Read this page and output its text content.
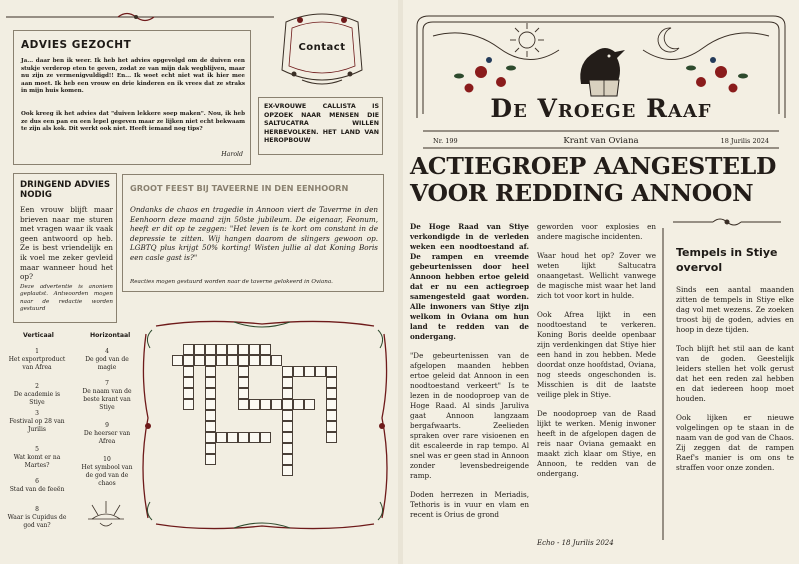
ADVIES GEZOCHT
Ja... daar ben ik weer. Ik heb het advies opgevolgd om de duiven een stukje verderop eten te geven, zodat ze van mijn dak wegblijven, maar nu zijn ze vermenigvuldigd!! En... Ik woet echt niet wat ik hier mee aan moet. Ik heb een vrouw en drie kinderen en ik vrees dat ze straks in mijn huis komen.
Ook kreeg ik het advies dat "duiven lekkere soep maken". Nou, ik heb ze dus een pan en een lepel gegeven maar ze lijken niet echt bekwaam te zijn als kok. Dit werkt ook niet. Heeft iemand nog tips?
Harold
Contact
EX-VROUWE CALLISTA IS OPZOEK NAAR MENSEN DIE SALTUCATRA WILLEN HERBEVOLKEN. HET LAND VAN HEROPBOUW
DRINGEND ADVIES NODIG
Een vrouw blijft maar brieven naar me sturen met vragen waar ik vaak geen antwoord op heb. Ze is best vriendelijk en ik voel me zeker gevleid maar wanneer houd het op?
Deze advertentie is anoniem geplaatst. Antwoorden mogen naar de redactie worden gestuurd
GROOT FEEST BIJ TAVEERNE IN DEN EENHOORN
Ondanks de chaos en tragedie in Annoon viert de Taverrne in den Eenhoorn deze maand zijn 50ste jubileum. De eigenaar, Feonum, heeft er dit op te zeggen: "Het leven is te kort om constant in de depressie te zitten. Wij hangen daarom de slingers gewoon op. LGBTQ plus krijgt 50% korting! Wisten jullie al dat Koning Boris een casle gast is?"
Reacties mogen gestuurd worden naar de taverne gelokeerd in Oviana.
Verticaal	Horizontaal
1
Het exportproduct van Afrea
2
De academie is Stiye
3
Festival op 28 van Jurilis
5
Wat komt er na Martes?
6
Stad van de feeën
8
Waar is Cupidus de god van?
4
De god van de magie
7
De naam van de beste krant van Stiye
9
De heerser van Afrea
10
Het symbool van de god van de chaos
De Vroege Raaf
Nr. 199	Krant van Oviana	18 Jurilis 2024
ACTIEGROEP AANGESTELD VOOR REDDING ANNOON

De Hoge Raad van Stiye verkondigde in de verleden weken een noodtoestand af. De rampen en vreemde gebeurtenissen door heel Annoon hebben ertoe geleid dat er nu een actiegroep samengesteld gaat worden. Alle inwoners van Stiye zijn welkom in Oviana om hun land te redden van de ondergang.

"De gebeurtenissen van de afgelopen maanden hebben ertoe geleid dat Annoon in een noodtoestand verkeert" Is te lezen in de noodoproep van de Hoge Raad. Al sinds Jaruliva gaat Annoon langzaam bergafwaarts. Zeelieden spraken over rare visioenen en dit escaleerde in rap tempo. Al snel was er geen stad in Annoon zonder levensbedreigende ramp.

Doden herrezen in Meriadis, Tethoris is in vuur en vlam en recent is Orius de grond

geworden voor explosies en andere magische incidenten.

Waar houd het op? Zover we weten lijkt Saltucatra onaangetast. Wellicht vanwege de magische mist waar het land zich tot voor kort in hulde.

Ook Afrea lijkt in een noodtoestand te verkeren. Koning Boris deelde openbaar zijn verdenkingen dat Stiye hier een hand in zou hebben. Mede doordat onze hoofdstad, Oviana, nog steeds ongeschonden is. Misschien is dit de laatste veilige plek in Stiye.

De noodoproep van de Raad lijkt te werken. Menig inwoner heeft in de afgelopen dagen de reis naar Oviana gemaakt en maakt zich klaar om Stiye, en Annoon, te redden van de ondergang.

Echo - 18 Jurilis 2024
Tempels in Stiye overvol

Sinds een aantal maanden zitten de tempels in Stiye elke dag vol met wezens. Ze zoeken troost bij de goden, advies en hoop in deze tijden.

Toch blijft het stil aan de kant van de goden. Geestelijk leiders stellen het volk gerust dat het een reden zal hebben en dat iedereen hoop moet houden.

Ook lijken er nieuwe volgelingen op te staan in de naam van de god van de Chaos. Zij zeggen dat de rampen Raef's manier is om ons te straffen voor onze zonden.
